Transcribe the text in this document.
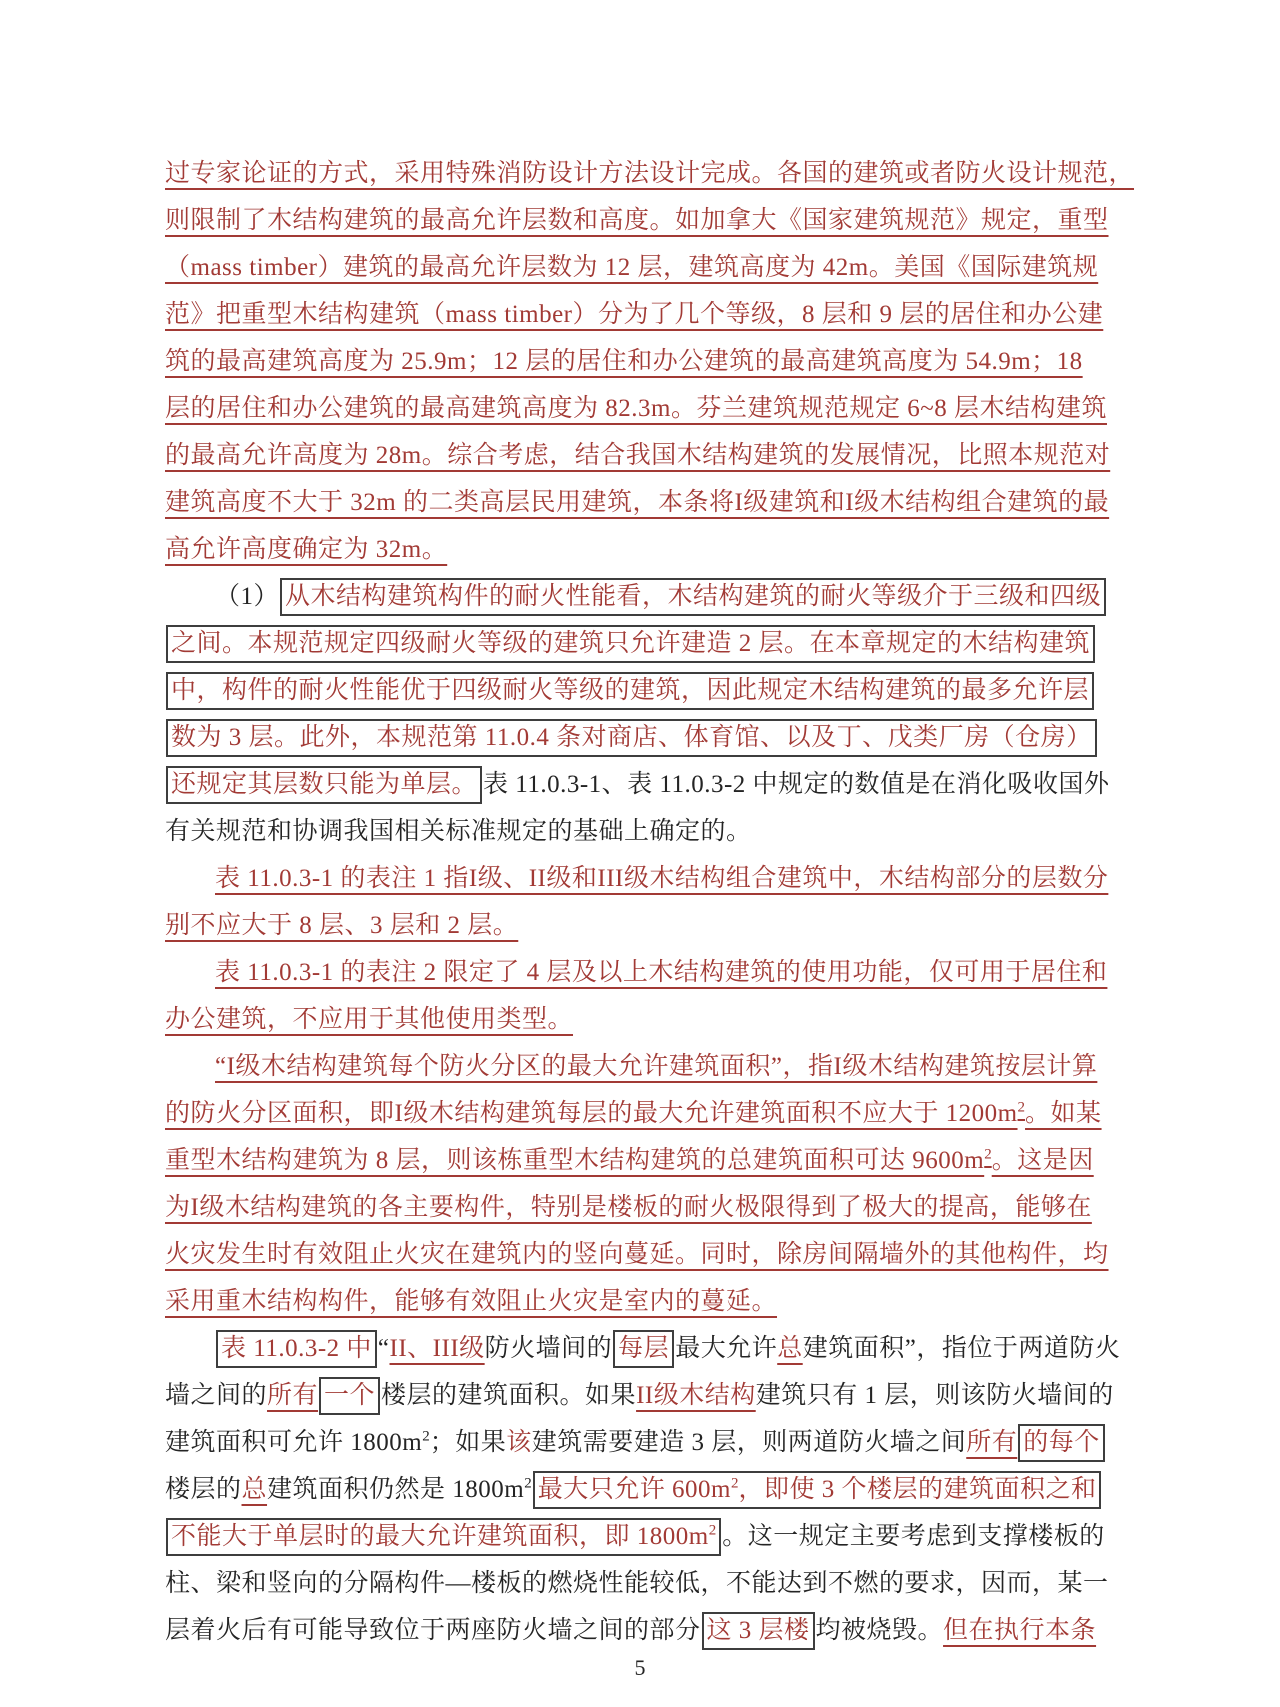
过专家论证的方式，采用特殊消防设计方法设计完成。各国的建筑或者防火设计规范，
则限制了木结构建筑的最高允许层数和高度。如加拿大《国家建筑规范》规定，重型
（mass timber）建筑的最高允许层数为 12 层，建筑高度为 42m。美国《国际建筑规
范》把重型木结构建筑（mass timber）分为了几个等级，8 层和 9 层的居住和办公建
筑的最高建筑高度为 25.9m；12 层的居住和办公建筑的最高建筑高度为 54.9m；18
层的居住和办公建筑的最高建筑高度为 82.3m。芬兰建筑规范规定 6~8 层木结构建筑
的最高允许高度为 28m。综合考虑，结合我国木结构建筑的发展情况，比照本规范对
建筑高度不大于 32m 的二类高层民用建筑，本条将I级建筑和I级木结构组合建筑的最
高允许高度确定为 32m。
（1） 从木结构建筑构件的耐火性能看，木结构建筑的耐火等级介于三级和四级
之间。本规范规定四级耐火等级的建筑只允许建造 2 层。在本章规定的木结构建筑
中，构件的耐火性能优于四级耐火等级的建筑，因此规定木结构建筑的最多允许层
数为 3 层。此外，本规范第 11.0.4 条对商店、体育馆、以及丁、戊类厂房（仓房）
还规定其层数只能为单层。 表 11.0.3-1、表 11.0.3-2 中规定的数值是在消化吸收国外
有关规范和协调我国相关标准规定的基础上确定的。
表 11.0.3-1 的表注 1 指I级、II级和III级木结构组合建筑中，木结构部分的层数分
别不应大于 8 层、3 层和 2 层。
表 11.0.3-1 的表注 2 限定了 4 层及以上木结构建筑的使用功能，仅可用于居住和
办公建筑，不应用于其他使用类型。
“I级木结构建筑每个防火分区的最大允许建筑面积”，指I级木结构建筑按层计算
的防火分区面积，即I级木结构建筑每层的最大允许建筑面积不应大于 $1200m^2$。如某
重型木结构建筑为 8 层，则该栋重型木结构建筑的总建筑面积可达 $9600m^2$。这是因
为I级木结构建筑的各主要构件，特别是楼板的耐火极限得到了极大的提高，能够在
火灾发生时有效阻止火灾在建筑内的竖向蔓延。同时，除房间隔墙外的其他构件，均
采用重木结构构件，能够有效阻止火灾是室内的蔓延。
表 11.0.3-2 中 “II、III级防火墙间的 每层 最大允许总建筑面积”，指位于两道防火
墙之间的所有 一个 楼层的建筑面积。如果II级木结构建筑只有 1 层，则该防火墙间的
建筑面积可允许 $1800m^2$；如果该建筑需要建造 3 层，则两道防火墙之间所有 的每个
楼层的总建筑面积仍然是 $1800m^2$ 最大只允许 $600m^2$，即使 3 个楼层的建筑面积之和
不能大于单层时的最大允许建筑面积，即 $1800m^2$ 。这一规定主要考虑到支撑楼板的
柱、梁和竖向的分隔构件—楼板的燃烧性能较低，不能达到不燃的要求，因而，某一
层着火后有可能导致位于两座防火墙之间的部分 这 3 层楼 均被烧毁。但在执行本条
5
